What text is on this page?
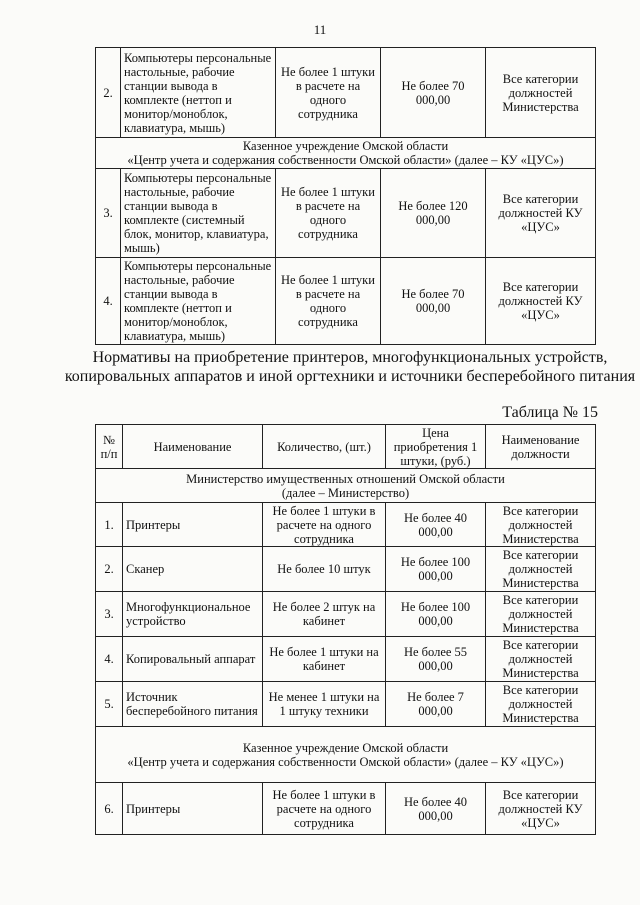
11
2.	Компьютеры персональные настольные, рабочие станции вывода в комплекте (неттоп и монитор/моноблок, клавиатура, мышь)	Не более 1 штуки в расчете на одного сотрудника	Не более 70 000,00	Все категории должностей Министерства

Казенное учреждение Омской области
«Центр учета и содержания собственности Омской области» (далее – КУ «ЦУС»)				

3.	Компьютеры персональные настольные, рабочие станции вывода в комплекте (системный блок, монитор, клавиатура, мышь)	Не более 1 штуки в расчете на одного сотрудника	Не более 120 000,00	Все категории должностей КУ «ЦУС»
4.	Компьютеры персональные настольные, рабочие станции вывода в комплекте (неттоп и монитор/моноблок, клавиатура, мышь)	Не более 1 штуки в расчете на одного сотрудника	Не более 70 000,00	Все категории должностей КУ «ЦУС»
Нормативы на приобретение принтеров, многофункциональных устройств, копировальных аппаратов и иной оргтехники и источники бесперебойного питания
Таблица № 15
№ п/п	Наименование	Количество, (шт.)	Цена приобретения 1 штуки, (руб.)	Наименование должности

Министерство имущественных отношений Омской области
(далее – Министерство)				

1.	Принтеры	Не более 1 штуки в расчете на одного сотрудника	Не более 40 000,00	Все категории должностей Министерства
2.	Сканер	Не более 10 штук	Не более 100 000,00	Все категории должностей Министерства
3.	Многофункциональное устройство	Не более 2 штук на кабинет	Не более 100 000,00	Все категории должностей Министерства
4.	Копировальный аппарат	Не более 1 штуки на кабинет	Не более 55 000,00	Все категории должностей Министерства
5.	Источник бесперебойного питания	Не менее 1 штуки на 1 штуку техники	Не более 7 000,00	Все категории должностей Министерства

Казенное учреждение Омской области
«Центр учета и содержания собственности Омской области» (далее – КУ «ЦУС»)				

6.	Принтеры	Не более 1 штуки в расчете на одного сотрудника	Не более 40 000,00	Все категории должностей КУ «ЦУС»
